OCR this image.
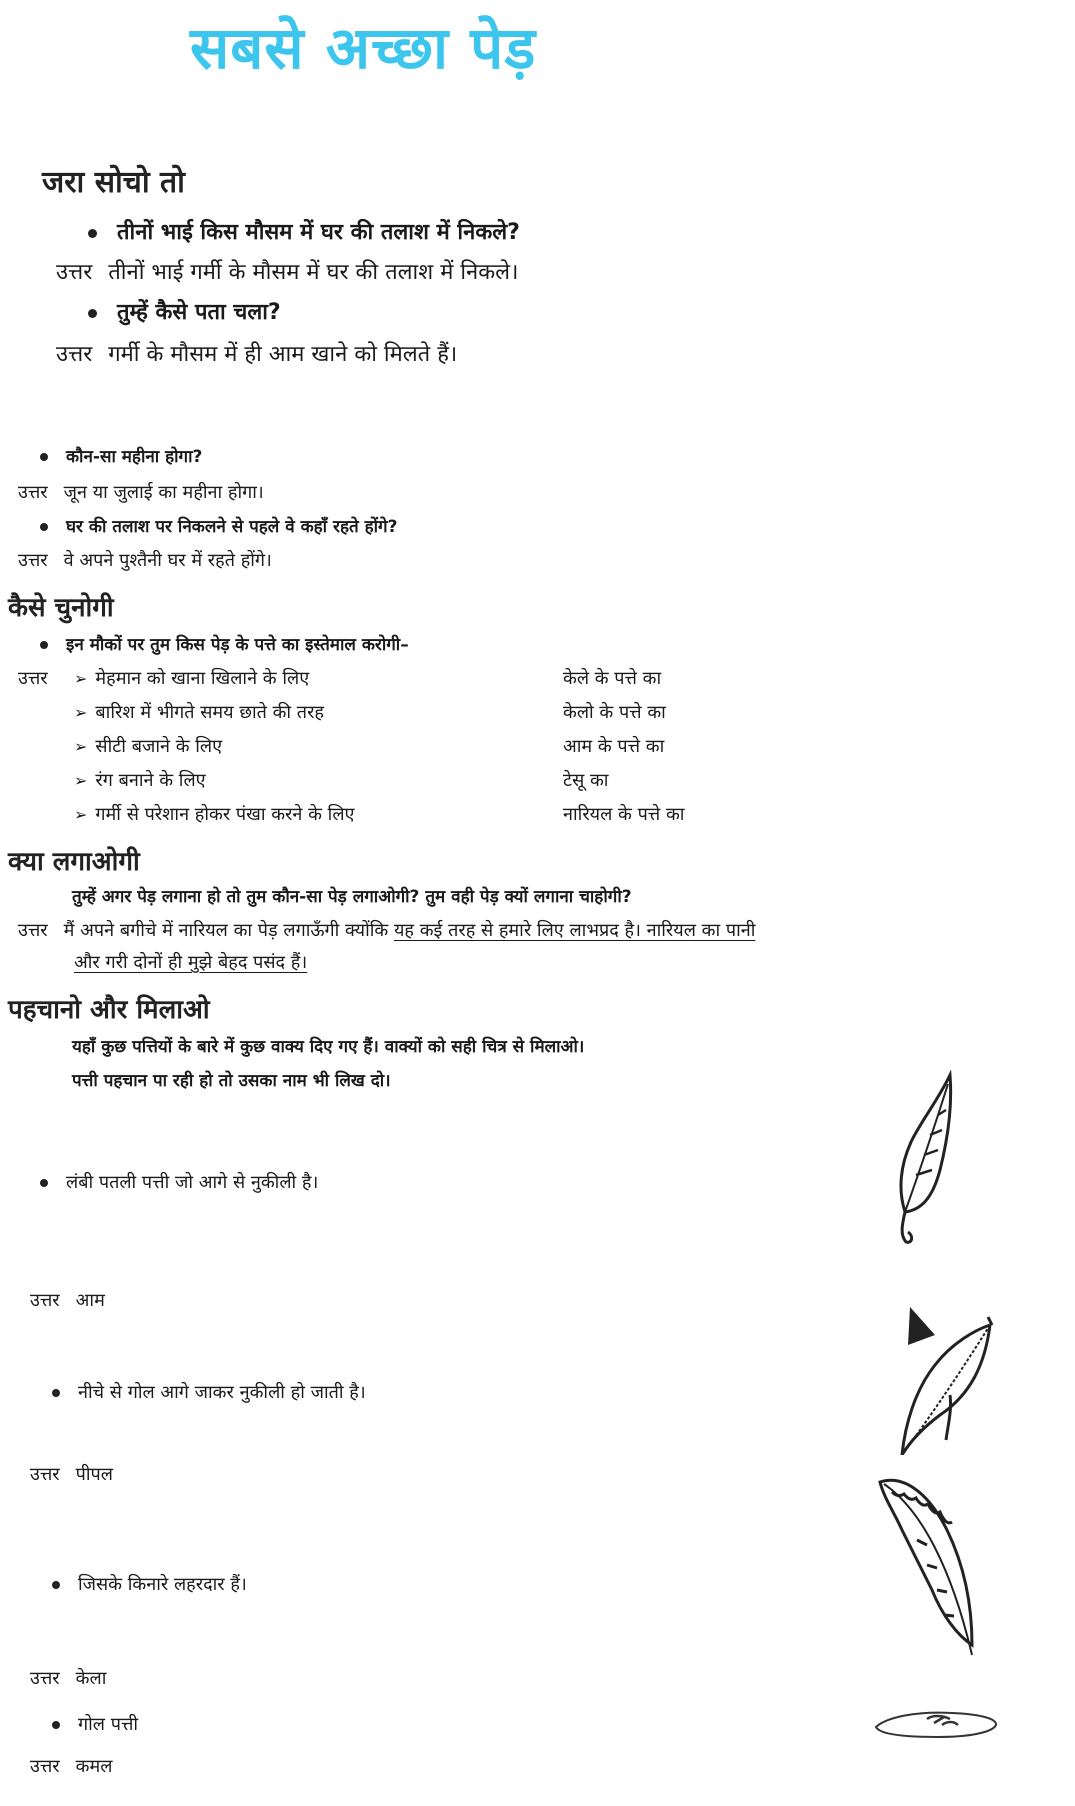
सबसे अच्छा पेड़
जरा सोचो तो
तीनों भाई किस मौसम में घर की तलाश में निकले?
उत्तर तीनों भाई गर्मी के मौसम में घर की तलाश में निकले।
तुम्हें कैसे पता चला?
उत्तर गर्मी के मौसम में ही आम खाने को मिलते हैं।
कौन-सा महीना होगा?
उत्तर जून या जुलाई का महीना होगा।
घर की तलाश पर निकलने से पहले वे कहाँ रहते होंगे?
उत्तर वे अपने पुश्तैनी घर में रहते होंगे।
कैसे चुनोगी
इन मौकों पर तुम किस पेड़ के पत्ते का इस्तेमाल करोगी–
उत्तर ➢ मेहमान को खाना खिलाने के लिए	केले के पत्ते का
➢ बारिश में भीगते समय छाते की तरह	केलो के पत्ते का
➢ सीटी बजाने के लिए	आम के पत्ते का
➢ रंग बनाने के लिए	टेसू का
➢ गर्मी से परेशान होकर पंखा करने के लिए	नारियल के पत्ते का
क्या लगाओगी
तुम्हें अगर पेड़ लगाना हो तो तुम कौन-सा पेड़ लगाओगी? तुम वही पेड़ क्यों लगाना चाहोगी?
उत्तर मैं अपने बगीचे में नारियल का पेड़ लगाऊँगी क्योंकि यह कई तरह से हमारे लिए लाभप्रद है। नारियल का पानी
और गरी दोनों ही मुझे बेहद पसंद हैं।
पहचानो और मिलाओ
यहाँ कुछ पत्तियों के बारे में कुछ वाक्य दिए गए हैं। वाक्यों को सही चित्र से मिलाओ।
पत्ती पहचान पा रही हो तो उसका नाम भी लिख दो।
लंबी पतली पत्ती जो आगे से नुकीली है।
उत्तर आम
नीचे से गोल आगे जाकर नुकीली हो जाती है।
उत्तर पीपल
जिसके किनारे लहरदार हैं।
उत्तर केला
गोल पत्ती
उत्तर कमल
